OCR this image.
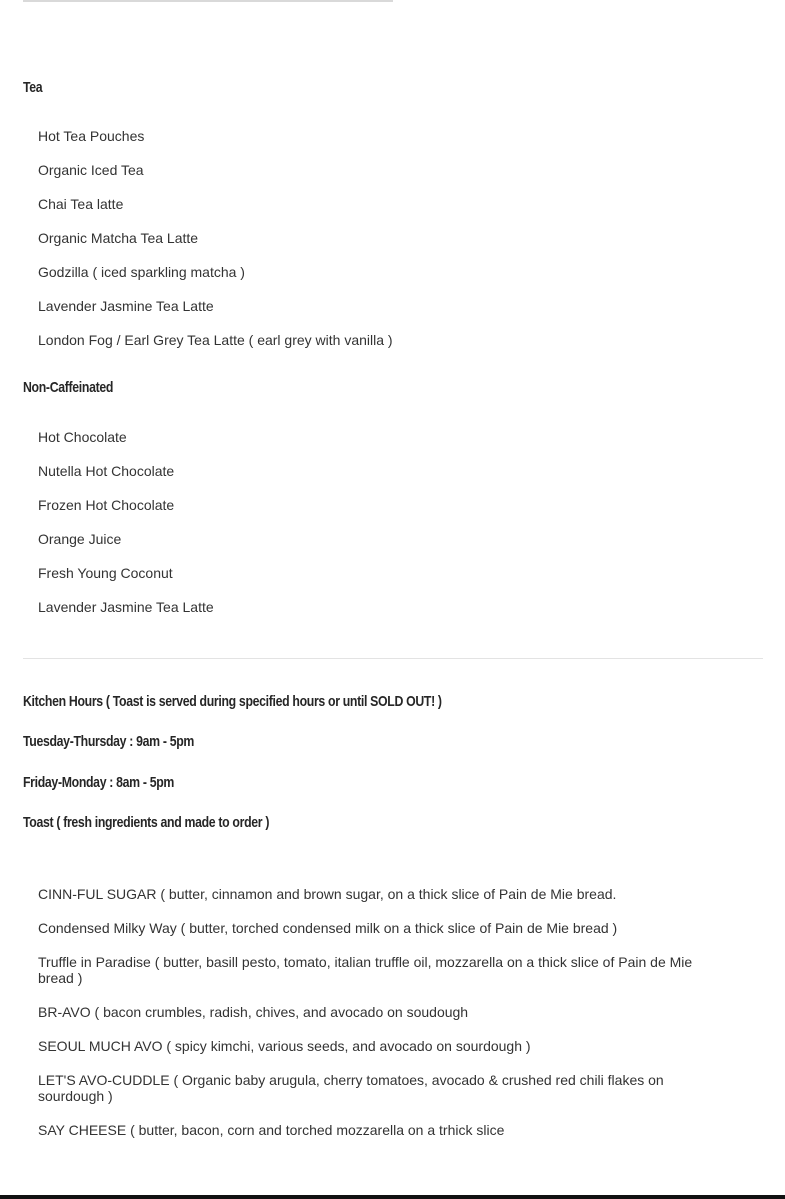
Tea
Hot Tea Pouches
Organic Iced Tea
Chai Tea latte
Organic Matcha Tea Latte
Godzilla ( iced sparkling matcha )
Lavender Jasmine Tea Latte
London Fog / Earl Grey Tea Latte ( earl grey with vanilla )
Non-Caffeinated
Hot Chocolate
Nutella Hot Chocolate
Frozen Hot Chocolate
Orange Juice
Fresh Young Coconut
Lavender Jasmine Tea Latte
Kitchen Hours ( Toast is served during specified hours or until SOLD OUT! )
Tuesday-Thursday : 9am - 5pm
Friday-Monday : 8am - 5pm
Toast ( fresh ingredients and made to order )
CINN-FUL SUGAR ( butter, cinnamon and brown sugar, on a thick slice of Pain de Mie bread.
Condensed Milky Way ( butter, torched condensed milk on a thick slice of Pain de Mie bread )
Truffle in Paradise ( butter, basill pesto, tomato, italian truffle oil, mozzarella on a thick slice of Pain de Mie bread )
BR-AVO ( bacon crumbles, radish, chives, and avocado on soudough
SEOUL MUCH AVO ( spicy kimchi, various seeds, and avocado on sourdough )
LET'S AVO-CUDDLE ( Organic baby arugula, cherry tomatoes, avocado & crushed red chili flakes on sourdough )
SAY CHEESE ( butter, bacon, corn and torched mozzarella on a trhick slice
